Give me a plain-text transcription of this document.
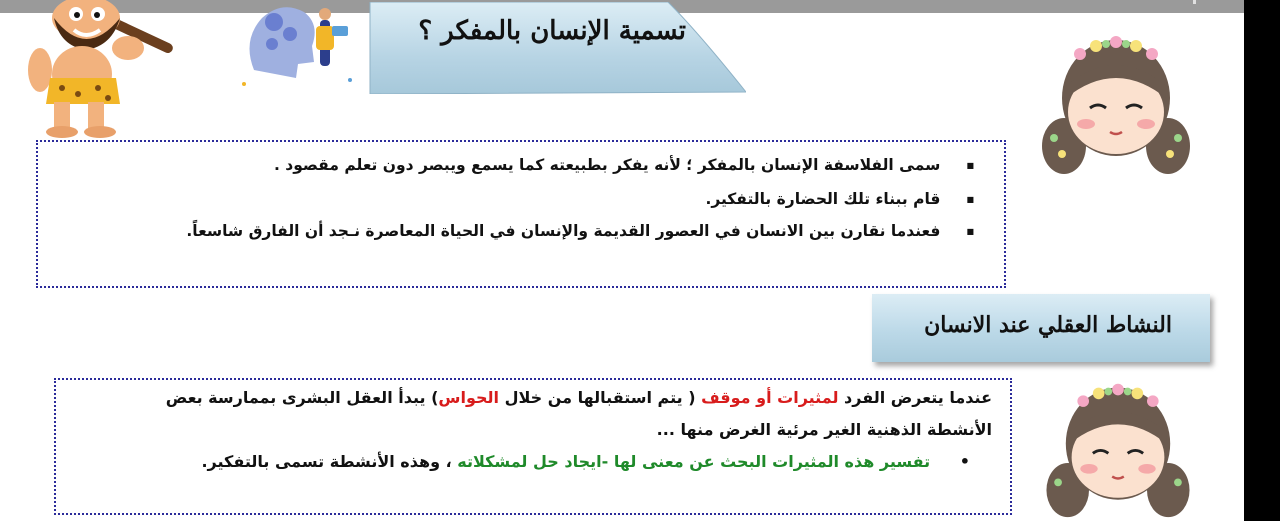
تسمية الإنسان بالمفكر ؟
■ سمى الفلاسفة الإنسان بالمفكر ؛ لأنه يفكر بطبيعته كما يسمع ويبصر دون تعلم مقصود .
■ قام ببناء تلك الحضارة بالتفكير.
■ فعندما نقارن بين الانسان في العصور القديمة والإنسان في الحياة المعاصرة نـجد أن الفارق شاسعاً.
النشاط العقلي عند الانسان
عندما يتعرض الفرد لمثيرات أو موقف ( يتم استقبالها من خلال الحواس) يبدأ العقل البشرى بممارسة بعض
الأنشطة الذهنية الغير مرئية الغرض منها ...
• تفسير هذه المثيرات البحث عن معنى لها -ايجاد حل لمشكلاته ، وهذه الأنشطة تسمى بالتفكير.
